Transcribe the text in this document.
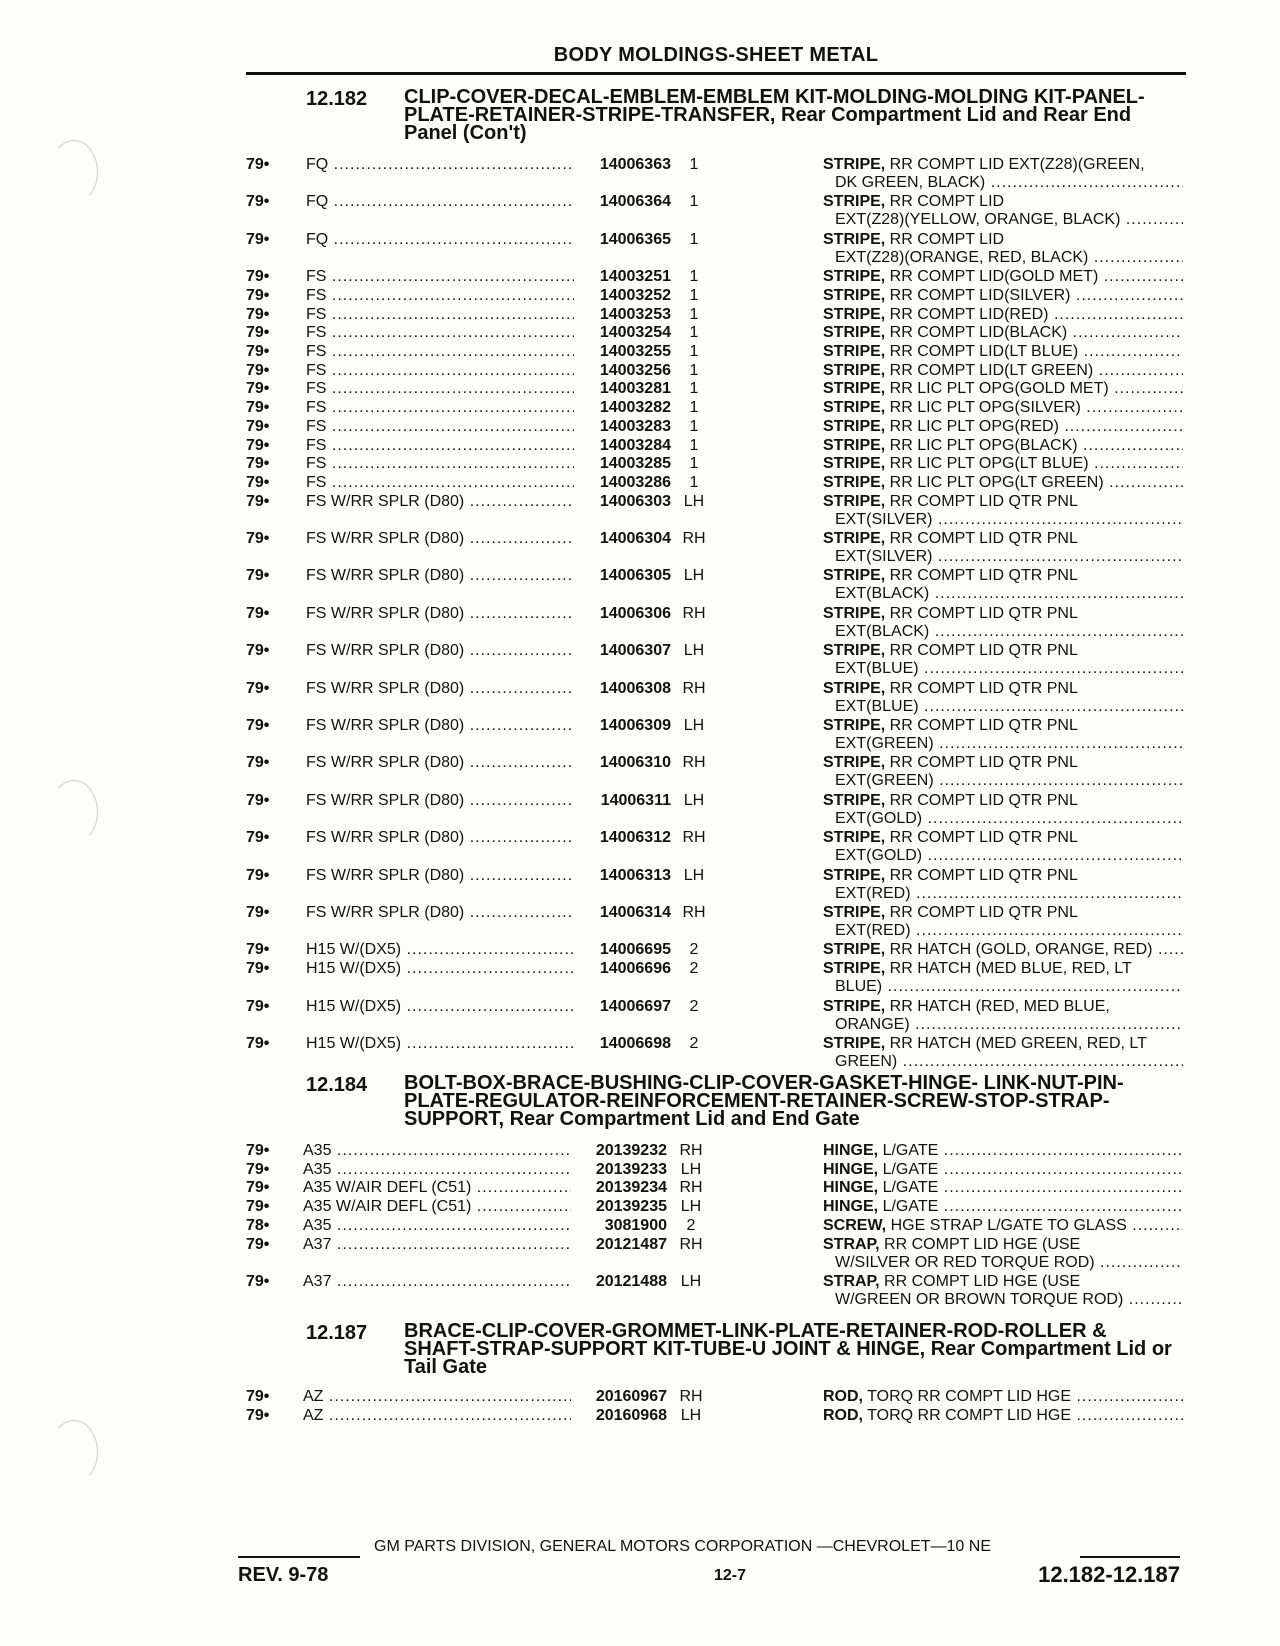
BODY MOLDINGS-SHEET METAL
12.182 CLIP-COVER-DECAL-EMBLEM-EMBLEM KIT-MOLDING-MOLDING KIT-PANEL-PLATE-RETAINER-STRIPE-TRANSFER, Rear Compartment Lid and Rear End Panel (Con't)
79• FQ .....	14006363	1	STRIPE, RR COMPT LID EXT(Z28)(GREEN,
DK GREEN, BLACK) .....
79• FQ .....	14006364	1	STRIPE, RR COMPT LID
EXT(Z28)(YELLOW, ORANGE, BLACK) .....
79• FQ .....	14006365	1	STRIPE, RR COMPT LID
EXT(Z28)(ORANGE, RED, BLACK) .....
79• FS .....	14003251	1	STRIPE, RR COMPT LID(GOLD MET) .....
79• FS .....	14003252	1	STRIPE, RR COMPT LID(SILVER) .....
79• FS .....	14003253	1	STRIPE, RR COMPT LID(RED) .....
79• FS .....	14003254	1	STRIPE, RR COMPT LID(BLACK) .....
79• FS .....	14003255	1	STRIPE, RR COMPT LID(LT BLUE) .....
79• FS .....	14003256	1	STRIPE, RR COMPT LID(LT GREEN) .....
79• FS .....	14003281	1	STRIPE, RR LIC PLT OPG(GOLD MET) .....
79• FS .....	14003282	1	STRIPE, RR LIC PLT OPG(SILVER) .....
79• FS .....	14003283	1	STRIPE, RR LIC PLT OPG(RED) .....
79• FS .....	14003284	1	STRIPE, RR LIC PLT OPG(BLACK) .....
79• FS .....	14003285	1	STRIPE, RR LIC PLT OPG(LT BLUE) .....
79• FS .....	14003286	1	STRIPE, RR LIC PLT OPG(LT GREEN) .....
79• FS W/RR SPLR (D80) .....	14006303 LH	STRIPE, RR COMPT LID QTR PNL
EXT(SILVER) .....
79• FS W/RR SPLR (D80) .....	14006304 RH	STRIPE, RR COMPT LID QTR PNL
EXT(SILVER) .....
79• FS W/RR SPLR (D80) .....	14006305 LH	STRIPE, RR COMPT LID QTR PNL
EXT(BLACK) .....
79• FS W/RR SPLR (D80) .....	14006306 RH	STRIPE, RR COMPT LID QTR PNL
EXT(BLACK) .....
79• FS W/RR SPLR (D80) .....	14006307 LH	STRIPE, RR COMPT LID QTR PNL
EXT(BLUE) .....
79• FS W/RR SPLR (D80) .....	14006308 RH	STRIPE, RR COMPT LID QTR PNL
EXT(BLUE) .....
79• FS W/RR SPLR (D80) .....	14006309 LH	STRIPE, RR COMPT LID QTR PNL
EXT(GREEN) .....
79• FS W/RR SPLR (D80) .....	14006310 RH	STRIPE, RR COMPT LID QTR PNL
EXT(GREEN) .....
79• FS W/RR SPLR (D80) .....	14006311 LH	STRIPE, RR COMPT LID QTR PNL
EXT(GOLD) .....
79• FS W/RR SPLR (D80) .....	14006312 RH	STRIPE, RR COMPT LID QTR PNL
EXT(GOLD) .....
79• FS W/RR SPLR (D80) .....	14006313 LH	STRIPE, RR COMPT LID QTR PNL
EXT(RED) .....
79• FS W/RR SPLR (D80) .....	14006314 RH	STRIPE, RR COMPT LID QTR PNL
EXT(RED) .....
79• H15 W/(DX5) .....	14006695	2	STRIPE, RR HATCH (GOLD, ORANGE, RED) .....
79• H15 W/(DX5) .....	14006696	2	STRIPE, RR HATCH (MED BLUE, RED, LT
BLUE) .....
79• H15 W/(DX5) .....	14006697	2	STRIPE, RR HATCH (RED, MED BLUE,
ORANGE) .....
79• H15 W/(DX5) .....	14006698	2	STRIPE, RR HATCH (MED GREEN, RED, LT
GREEN) .....
12.184 BOLT-BOX-BRACE-BUSHING-CLIP-COVER-GASKET-HINGE- LINK-NUT-PIN-PLATE-REGULATOR-REINFORCEMENT-RETAINER-SCREW-STOP-STRAP-SUPPORT, Rear Compartment Lid and End Gate
79• A35 .....	20139232 RH	HINGE, L/GATE .....
79• A35 .....	20139233 LH	HINGE, L/GATE .....
79• A35 W/AIR DEFL (C51) .....	20139234 RH	HINGE, L/GATE .....
79• A35 W/AIR DEFL (C51) .....	20139235 LH	HINGE, L/GATE .....
78• A35 .....	3081900	2	SCREW, HGE STRAP L/GATE TO GLASS .....
79• A37 .....	20121487 RH	STRAP, RR COMPT LID HGE (USE
W/SILVER OR RED TORQUE ROD) .....
79• A37 .....	20121488 LH	STRAP, RR COMPT LID HGE (USE
W/GREEN OR BROWN TORQUE ROD) .....
12.187 BRACE-CLIP-COVER-GROMMET-LINK-PLATE-RETAINER-ROD-ROLLER & SHAFT-STRAP-SUPPORT KIT-TUBE-U JOINT & HINGE, Rear Compartment Lid or Tail Gate
79• AZ .....	20160967 RH	ROD, TORQ RR COMPT LID HGE .....
79• AZ .....	20160968 LH	ROD, TORQ RR COMPT LID HGE .....
GM PARTS DIVISION, GENERAL MOTORS CORPORATION —CHEVROLET—10 NE
REV. 9-78	12-7	12.182-12.187
